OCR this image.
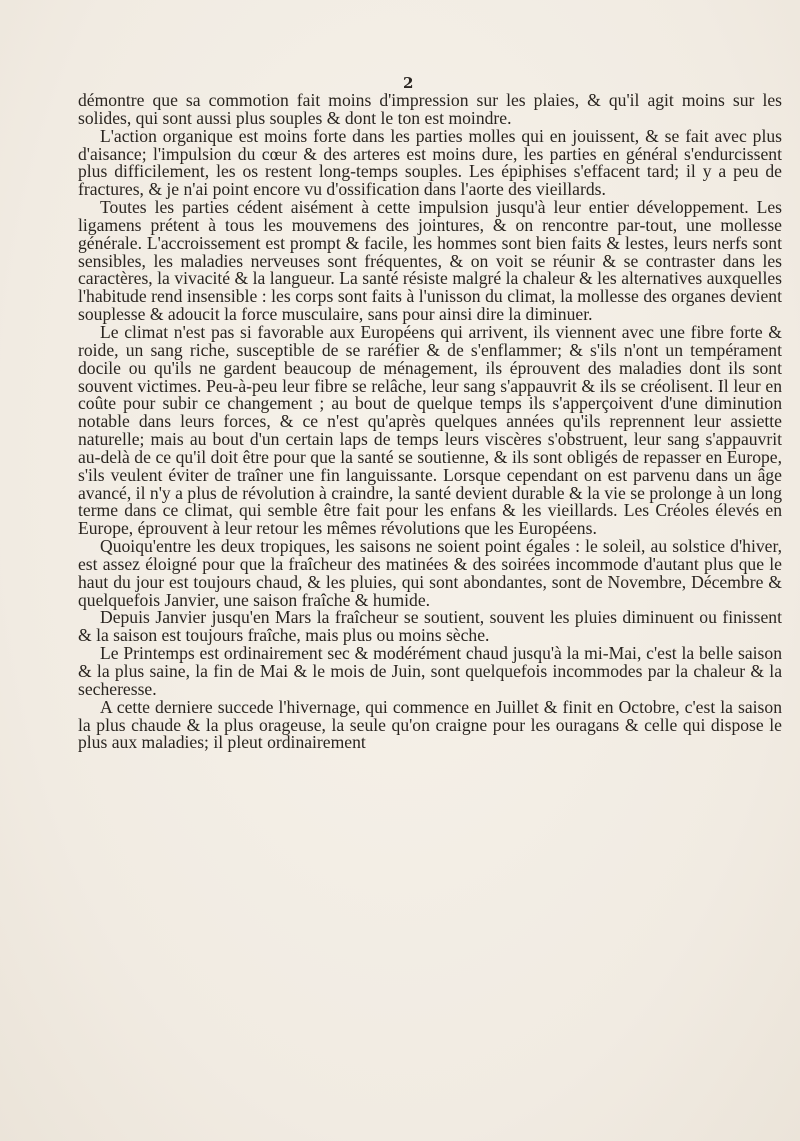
2

démontre que sa commotion fait moins d'impression sur les plaies, & qu'il agit moins sur les solides, qui sont aussi plus souples & dont le ton est moindre.

L'action organique est moins forte dans les parties molles qui en jouissent, & se fait avec plus d'aisance; l'impulsion du cœur & des arteres est moins dure, les parties en général s'endurcissent plus difficilement, les os restent long-temps souples. Les épiphises s'effacent tard; il y a peu de fractures, & je n'ai point encore vu d'ossification dans l'aorte des vieillards.

Toutes les parties cédent aisément à cette impulsion jusqu'à leur entier développement. Les ligamens prétent à tous les mouvemens des jointures, & on rencontre par-tout, une mollesse générale. L'accroissement est prompt & facile, les hommes sont bien faits & lestes, leurs nerfs sont sensibles, les maladies nerveuses sont fréquentes, & on voit se réunir & se contraster dans les caractères, la vivacité & la langueur. La santé résiste malgré la chaleur & les alternatives auxquelles l'habitude rend insensible : les corps sont faits à l'unisson du climat, la mollesse des organes devient souplesse & adoucit la force musculaire, sans pour ainsi dire la diminuer.

Le climat n'est pas si favorable aux Européens qui arrivent, ils viennent avec une fibre forte & roide, un sang riche, susceptible de se raréfier & de s'enflammer; & s'ils n'ont un tempérament docile ou qu'ils ne gardent beaucoup de ménagement, ils éprouvent des maladies dont ils sont souvent victimes. Peu-à-peu leur fibre se relâche, leur sang s'appauvrit & ils se créolisent. Il leur en coûte pour subir ce changement ; au bout de quelque temps ils s'apperçoivent d'une diminution notable dans leurs forces, & ce n'est qu'après quelques années qu'ils reprennent leur assiette naturelle; mais au bout d'un certain laps de temps leurs viscères s'obstruent, leur sang s'appauvrit au-delà de ce qu'il doit être pour que la santé se soutienne, & ils sont obligés de repasser en Europe, s'ils veulent éviter de traîner une fin languissante. Lorsque cependant on est parvenu dans un âge avancé, il n'y a plus de révolution à craindre, la santé devient durable & la vie se prolonge à un long terme dans ce climat, qui semble être fait pour les enfans & les vieillards. Les Créoles élevés en Europe, éprouvent à leur retour les mêmes révolutions que les Européens.

Quoiqu'entre les deux tropiques, les saisons ne soient point égales : le soleil, au solstice d'hiver, est assez éloigné pour que la fraîcheur des matinées & des soirées incommode d'autant plus que le haut du jour est toujours chaud, & les pluies, qui sont abondantes, sont de Novembre, Décembre & quelquefois Janvier, une saison fraîche & humide.

Depuis Janvier jusqu'en Mars la fraîcheur se soutient, souvent les pluies diminuent ou finissent & la saison est toujours fraîche, mais plus ou moins sèche.

Le Printemps est ordinairement sec & modérément chaud jusqu'à la mi-Mai, c'est la belle saison & la plus saine, la fin de Mai & le mois de Juin, sont quelquefois incommodes par la chaleur & la secheresse.

A cette derniere succede l'hivernage, qui commence en Juillet & finit en Octobre, c'est la saison la plus chaude & la plus orageuse, la seule qu'on craigne pour les ouragans & celle qui dispose le plus aux maladies; il pleut ordinairement
